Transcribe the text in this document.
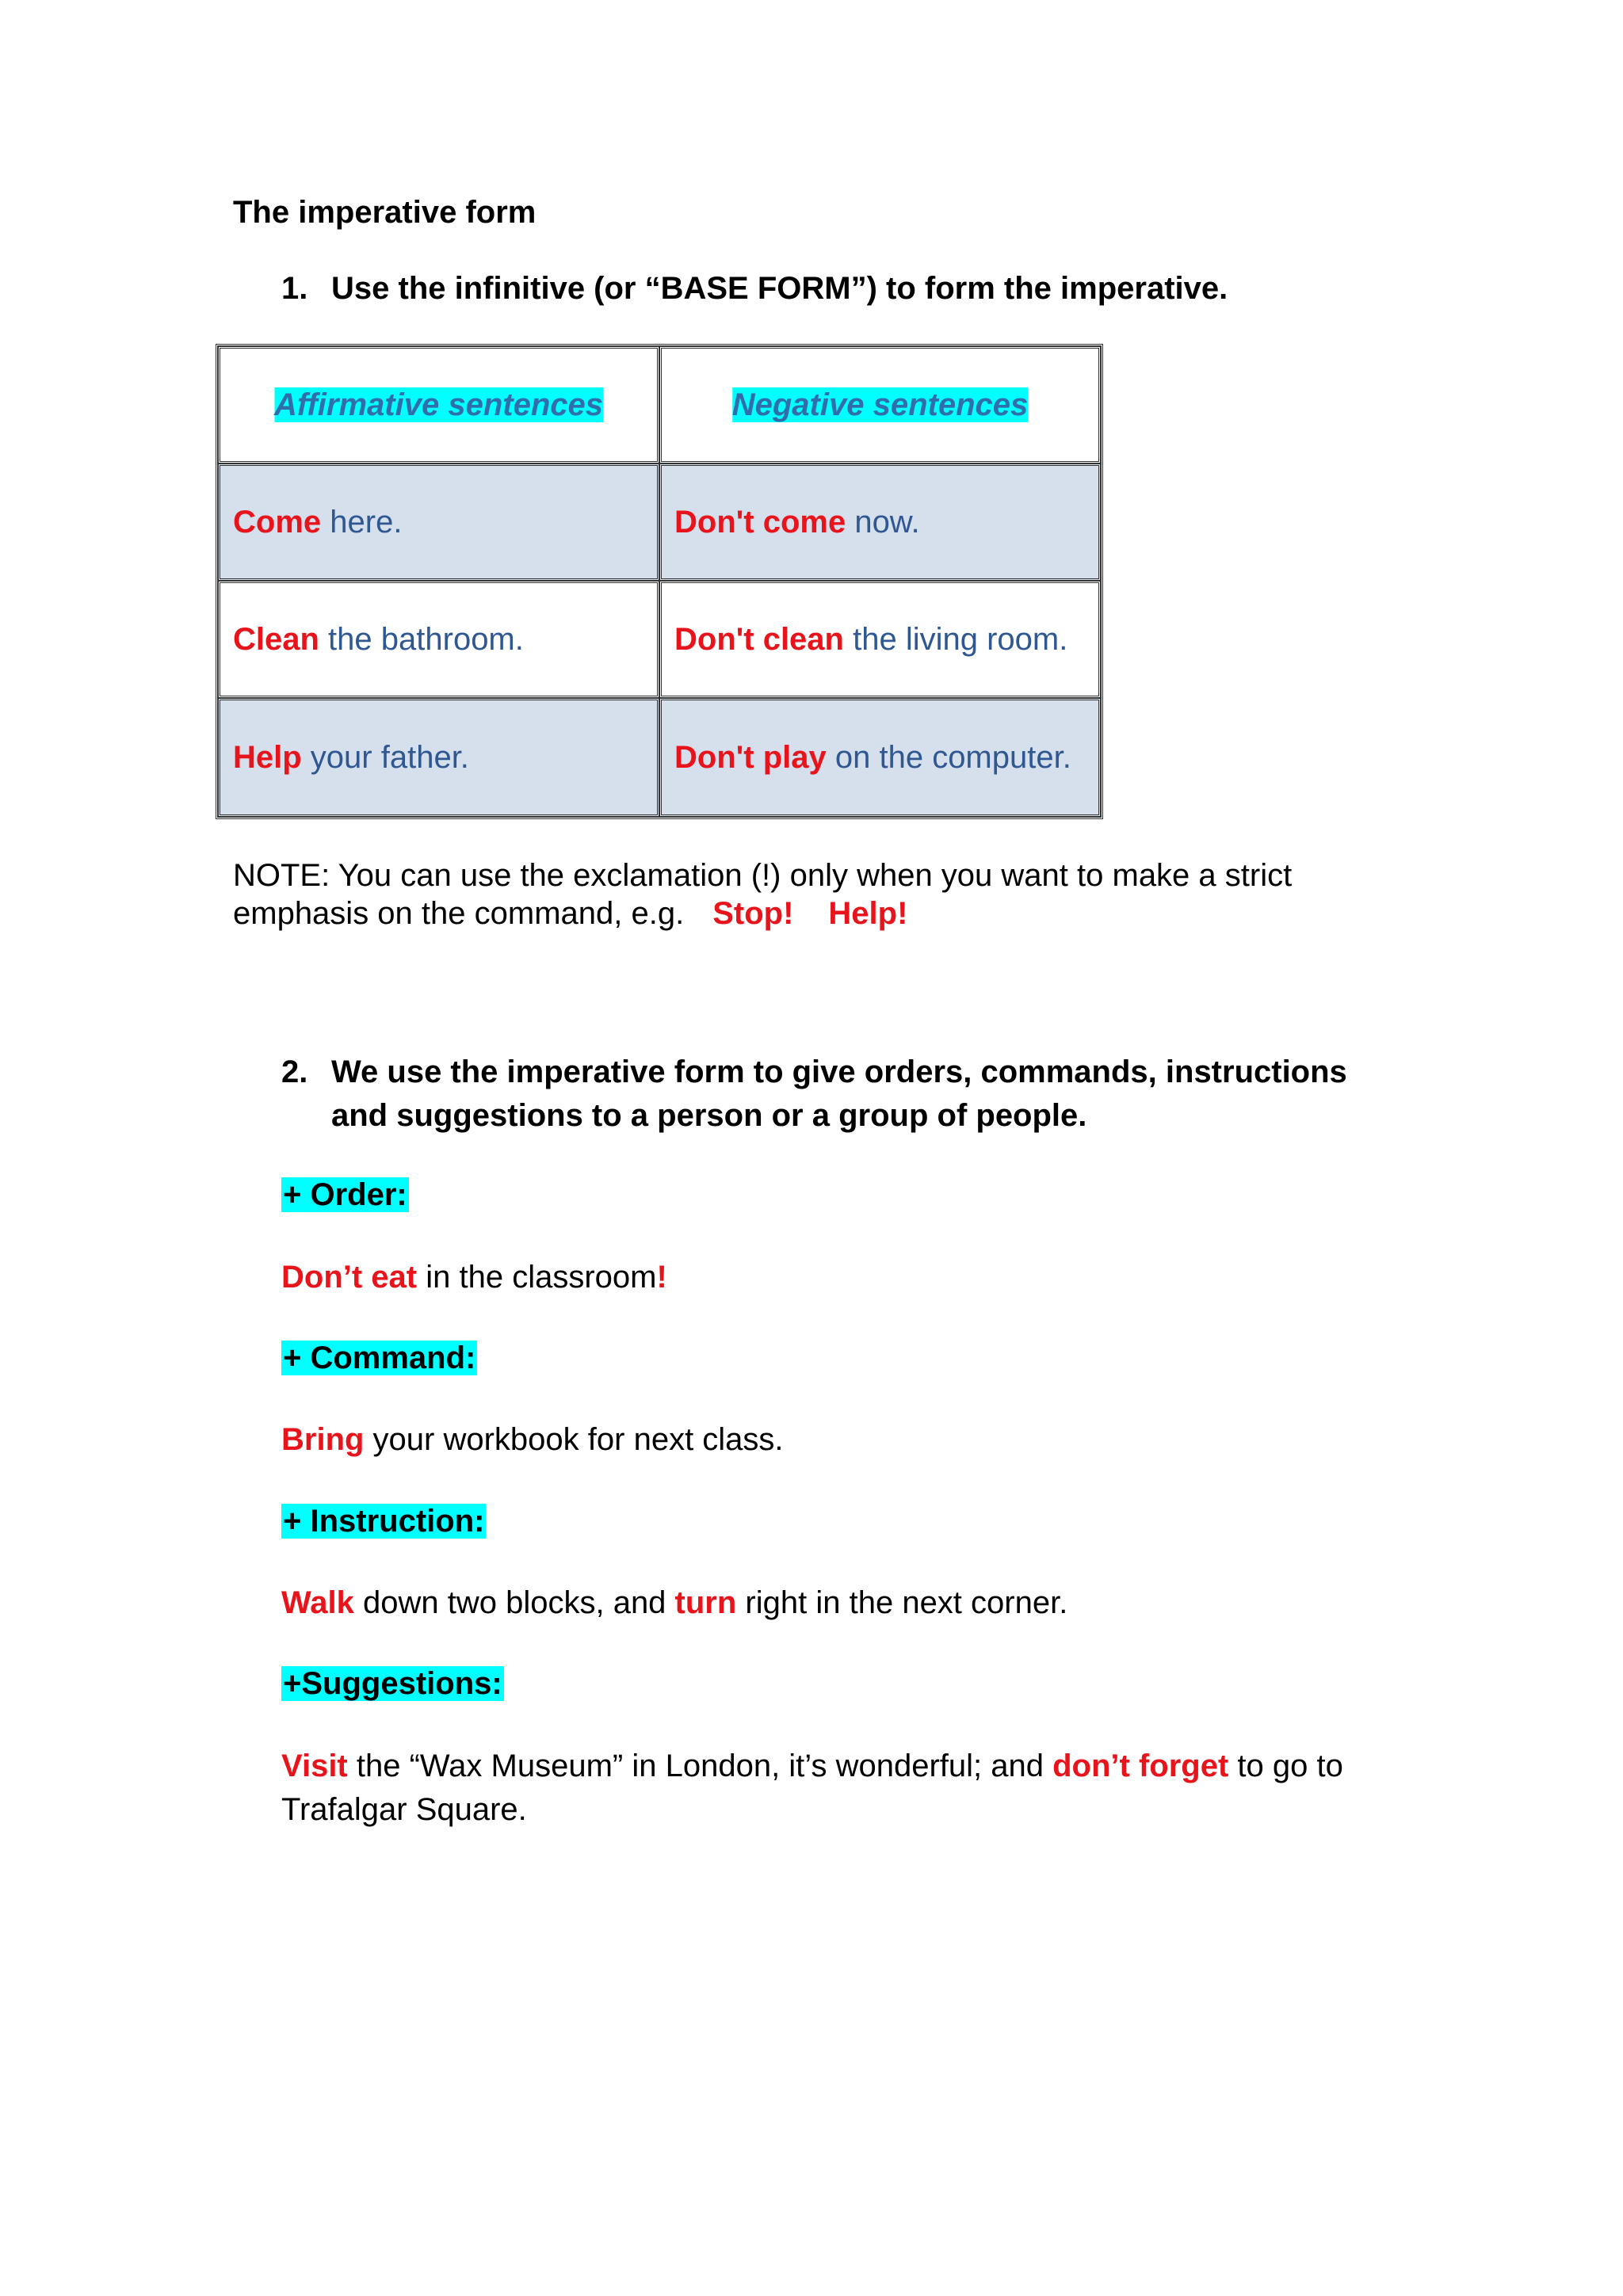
The imperative form
1. Use the infinitive (or “BASE FORM”) to form the imperative.
Affirmative sentences	Negative sentences
Come here.	Don't come now.
Clean the bathroom.	Don't clean the living room.
Help your father.	Don't play on the computer.
NOTE: You can use the exclamation (!) only when you want to make a strict
emphasis on the command, e.g. Stop! Help!
2. We use the imperative form to give orders, commands, instructions
and suggestions to a person or a group of people.
+ Order:
Don’t eat in the classroom!
+ Command:
Bring your workbook for next class.
+ Instruction:
Walk down two blocks, and turn right in the next corner.
+Suggestions:
Visit the “Wax Museum” in London, it’s wonderful; and don’t forget to go to
Trafalgar Square.
